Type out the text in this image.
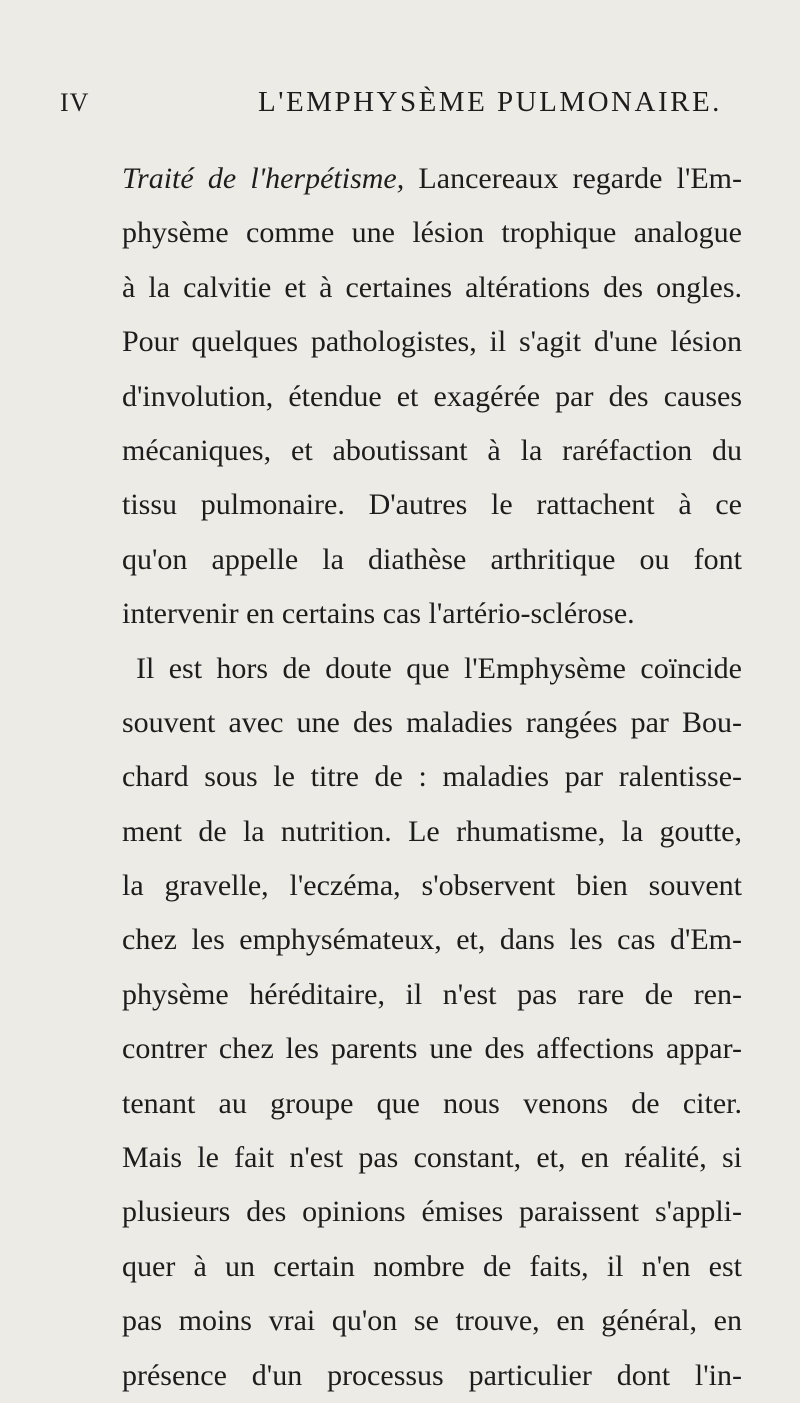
IV	L'EMPHYSÈME PULMONAIRE.
Traité de l'herpétisme, Lancereaux regarde l'Em-
physème comme une lésion trophique analogue
à la calvitie et à certaines altérations des ongles.
Pour quelques pathologistes, il s'agit d'une lésion
d'involution, étendue et exagérée par des causes
mécaniques, et aboutissant à la raréfaction du
tissu pulmonaire. D'autres le rattachent à ce
qu'on appelle la diathèse arthritique ou font
intervenir en certains cas l'artério-sclérose.
Il est hors de doute que l'Emphysème coïncide
souvent avec une des maladies rangées par Bou-
chard sous le titre de : maladies par ralentisse-
ment de la nutrition. Le rhumatisme, la goutte,
la gravelle, l'eczéma, s'observent bien souvent
chez les emphysémateux, et, dans les cas d'Em-
physème héréditaire, il n'est pas rare de ren-
contrer chez les parents une des affections appar-
tenant au groupe que nous venons de citer.
Mais le fait n'est pas constant, et, en réalité, si
plusieurs des opinions émises paraissent s'appli-
quer à un certain nombre de faits, il n'en est
pas moins vrai qu'on se trouve, en général, en
présence d'un processus particulier dont l'in-
